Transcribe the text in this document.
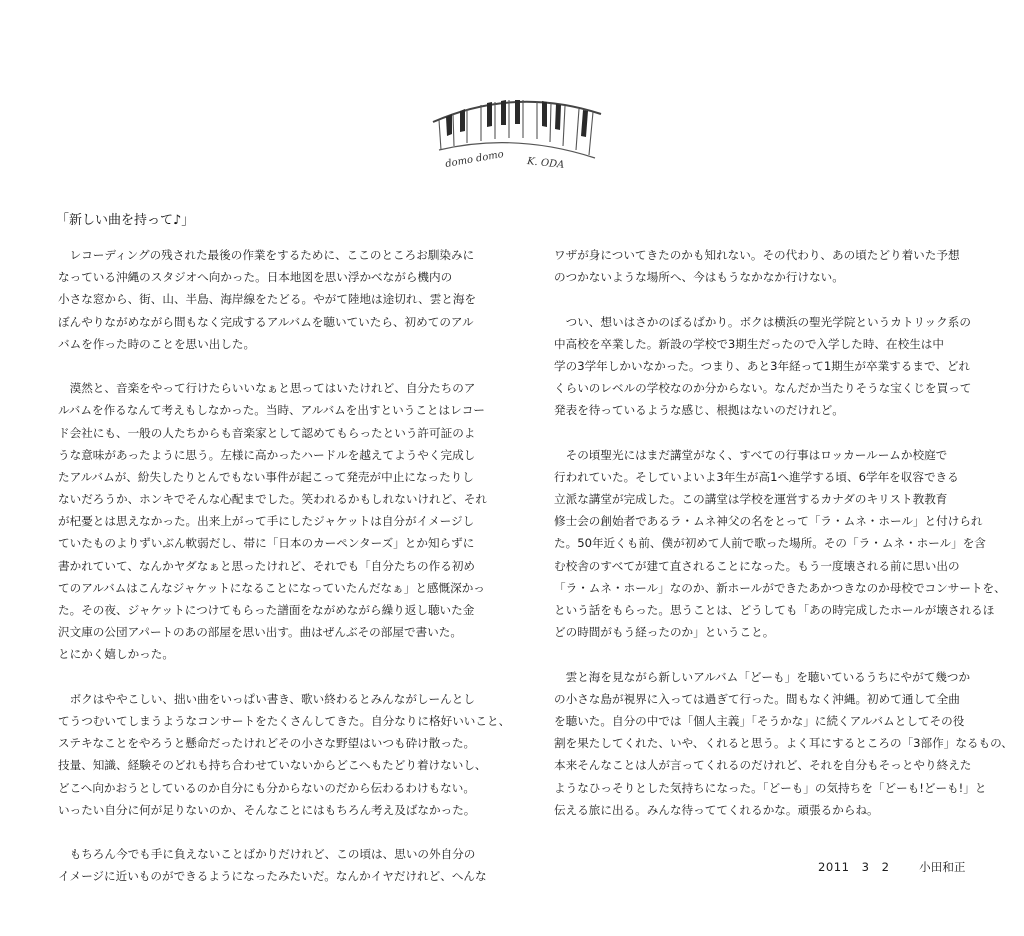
domo domo K. ODA
「新しい曲を持って♪」
　レコーディングの残された最後の作業をするために、ここのところお馴染みに
なっている沖縄のスタジオへ向かった。日本地図を思い浮かべながら機内の
小さな窓から、街、山、半島、海岸線をたどる。やがて陸地は途切れ、雲と海を
ぼんやりながめながら間もなく完成するアルバムを聴いていたら、初めてのアル
バムを作った時のことを思い出した。
　漠然と、音楽をやって行けたらいいなぁと思ってはいたけれど、自分たちのア
ルバムを作るなんて考えもしなかった。当時、アルバムを出すということはレコー
ド会社にも、一般の人たちからも音楽家として認めてもらったという許可証のよ
うな意味があったように思う。左様に高かったハードルを越えてようやく完成し
たアルバムが、紛失したりとんでもない事件が起こって発売が中止になったりし
ないだろうか、ホンキでそんな心配までした。笑われるかもしれないけれど、それ
が杞憂とは思えなかった。出来上がって手にしたジャケットは自分がイメージし
ていたものよりずいぶん軟弱だし、帯に「日本のカーペンターズ」とか知らずに
書かれていて、なんかヤダなぁと思ったけれど、それでも「自分たちの作る初め
てのアルバムはこんなジャケットになることになっていたんだなぁ」と感慨深かっ
た。その夜、ジャケットにつけてもらった譜面をながめながら繰り返し聴いた金
沢文庫の公団アパートのあの部屋を思い出す。曲はぜんぶその部屋で書いた。
とにかく嬉しかった。
　ボクはややこしい、拙い曲をいっぱい書き、歌い終わるとみんながしーんとし
てうつむいてしまうようなコンサートをたくさんしてきた。自分なりに格好いいこと、
ステキなことをやろうと懸命だったけれどその小さな野望はいつも砕け散った。
技量、知識、経験そのどれも持ち合わせていないからどこへもたどり着けないし、
どこへ向かおうとしているのか自分にも分からないのだから伝わるわけもない。
いったい自分に何が足りないのか、そんなことにはもちろん考え及ばなかった。
　もちろん今でも手に負えないことばかりだけれど、この頃は、思いの外自分の
イメージに近いものができるようになったみたいだ。なんかイヤだけれど、へんな
ワザが身についてきたのかも知れない。その代わり、あの頃たどり着いた予想
のつかないような場所へ、今はもうなかなか行けない。
　つい、想いはさかのぼるばかり。ボクは横浜の聖光学院というカトリック系の
中高校を卒業した。新設の学校で3期生だったので入学した時、在校生は中
学の3学年しかいなかった。つまり、あと3年経って1期生が卒業するまで、どれ
くらいのレベルの学校なのか分からない。なんだか当たりそうな宝くじを買って
発表を待っているような感じ、根拠はないのだけれど。
　その頃聖光にはまだ講堂がなく、すべての行事はロッカールームか校庭で
行われていた。そしていよいよ3年生が高1へ進学する頃、6学年を収容できる
立派な講堂が完成した。この講堂は学校を運営するカナダのキリスト教教育
修士会の創始者であるラ・ムネ神父の名をとって「ラ・ムネ・ホール」と付けられ
た。50年近くも前、僕が初めて人前で歌った場所。その「ラ・ムネ・ホール」を含
む校舎のすべてが建て直されることになった。もう一度壊される前に思い出の
「ラ・ムネ・ホール」なのか、新ホールができたあかつきなのか母校でコンサートを、
という話をもらった。思うことは、どうしても「あの時完成したホールが壊されるほ
どの時間がもう経ったのか」ということ。
　雲と海を見ながら新しいアルバム「どーも」を聴いているうちにやがて幾つか
の小さな島が視界に入っては過ぎて行った。間もなく沖縄。初めて通して全曲
を聴いた。自分の中では「個人主義」「そうかな」に続くアルバムとしてその役
割を果たしてくれた、いや、くれると思う。よく耳にするところの「3部作」なるもの、
本来そんなことは人が言ってくれるのだけれど、それを自分もそっとやり終えた
ようなひっそりとした気持ちになった。「どーも」の気持ちを「どーも!どーも!」と
伝える旅に出る。みんな待っててくれるかな。頑張るからね。
2011　3　2	小田和正
